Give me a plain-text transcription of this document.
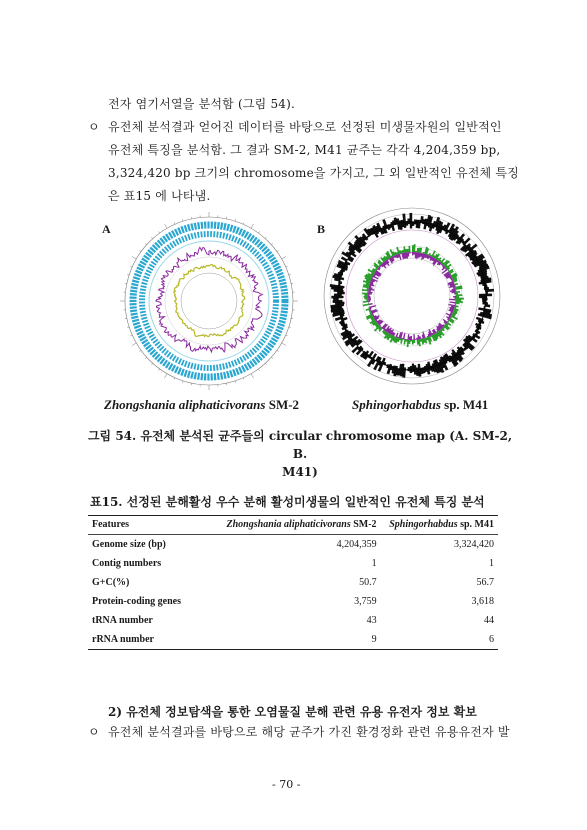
전자 염기서열을 분석함 (그림 54).
ㅇ 유전체 분석결과 얻어진 데이터를 바탕으로 선정된 미생물자원의 일반적인
유전체 특징을 분석함. 그 결과 SM-2, M41 균주는 각각 4,204,359 bp,
3,324,420 bp 크기의 chromosome을 가지고, 그 외 일반적인 유전체 특징
은 표15 에 나타냄.
A
Zhongshania aliphaticivorans SM-2
B
Sphingorhabdus sp. M41
그림 54. 유전체 분석된 균주들의 circular chromosome map (A. SM-2, B.
M41)
표15. 선정된 분해활성 우수 분해 활성미생물의 일반적인 유전체 특징 분석
Features	Zhongshania aliphaticivorans SM-2	Sphingorhabdus sp. M41
Genome size (bp)	4,204,359	3,324,420
Contig numbers	1	1
G+C(%)	50.7	56.7
Protein-coding genes	3,759	3,618
tRNA number	43	44
rRNA number	9	6
2) 유전체 정보탐색을 통한 오염물질 분해 관련 유용 유전자 정보 확보
ㅇ 유전체 분석결과를 바탕으로 해당 균주가 가진 환경정화 관련 유용유전자 발
- 70 -
